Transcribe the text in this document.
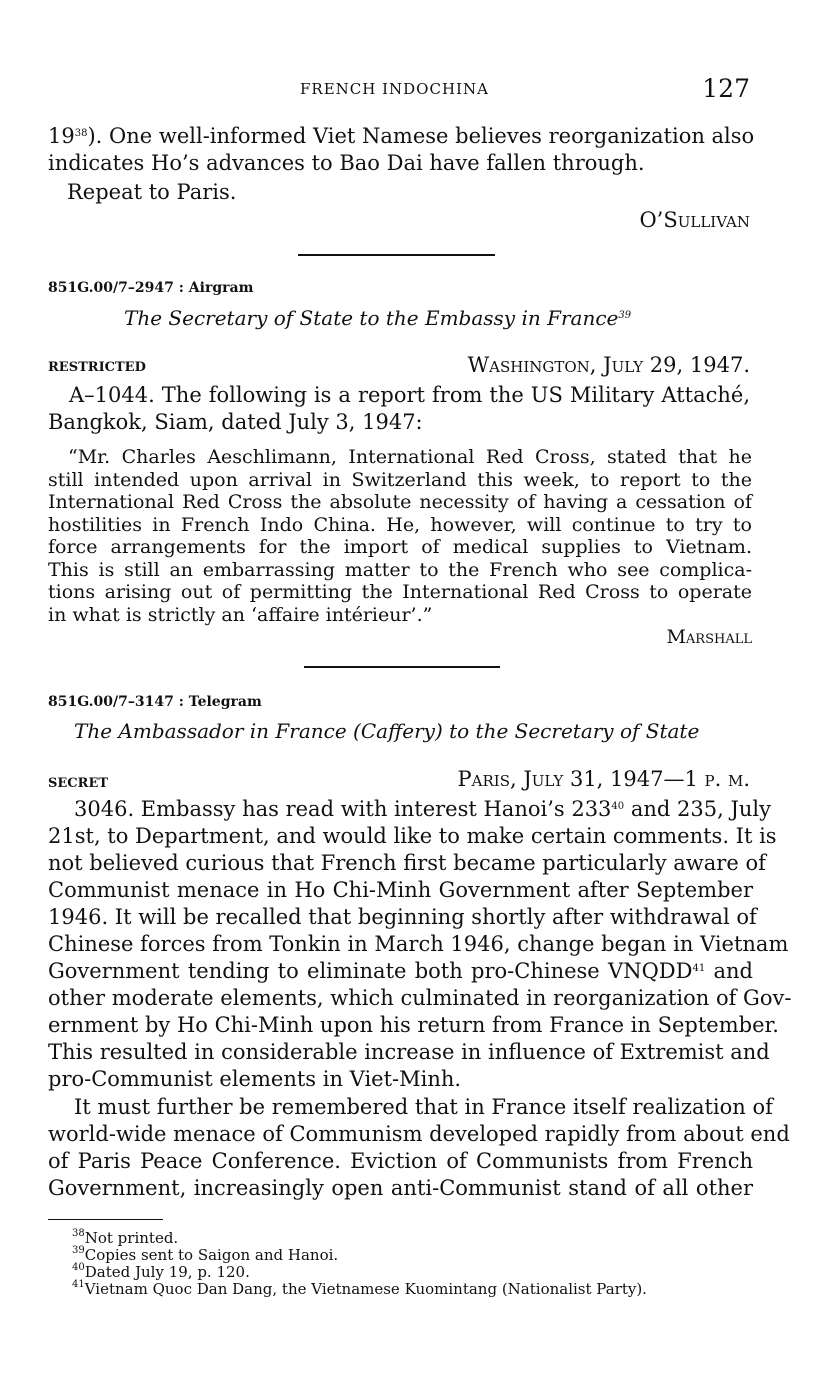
FRENCH INDOCHINA	127
$19^{38}$). One well-informed Viet Namese believes reorganization also
indicates Ho’s advances to Bao Dai have fallen through.
Repeat to Paris.
O’Sullivan
851G.00/7–2947 : Airgram
The Secretary of State to the Embassy in France$^{39}$
RESTRICTED	Washington, July 29, 1947.
A–1044. The following is a report from the US Military Attaché,
Bangkok, Siam, dated July 3, 1947:
“Mr. Charles Aeschlimann, International Red Cross, stated that he
still intended upon arrival in Switzerland this week, to report to the
International Red Cross the absolute necessity of having a cessation of
hostilities in French Indo China. He, however, will continue to try to
force arrangements for the import of medical supplies to Vietnam.
This is still an embarrassing matter to the French who see complica-
tions arising out of permitting the International Red Cross to operate
in what is strictly an ‘affaire intérieur’.”
Marshall
851G.00/7–3147 : Telegram
The Ambassador in France (Caffery) to the Secretary of State
SECRET	Paris, July 31, 1947—1 p. m.
3046. Embassy has read with interest Hanoi’s $233^{40}$ and 235, July
21st, to Department, and would like to make certain comments. It is
not believed curious that French first became particularly aware of
Communist menace in Ho Chi-Minh Government after September
1946. It will be recalled that beginning shortly after withdrawal of
Chinese forces from Tonkin in March 1946, change began in Vietnam
Government tending to eliminate both pro-Chinese VNQDD$^{41}$ and
other moderate elements, which culminated in reorganization of Gov-
ernment by Ho Chi-Minh upon his return from France in September.
This resulted in considerable increase in influence of Extremist and
pro-Communist elements in Viet-Minh.
It must further be remembered that in France itself realization of
world-wide menace of Communism developed rapidly from about end
of Paris Peace Conference. Eviction of Communists from French
Government, increasingly open anti-Communist stand of all other
$^{38}$Not printed.
$^{39}$Copies sent to Saigon and Hanoi.
$^{40}$Dated July 19, p. 120.
$^{41}$Vietnam Quoc Dan Dang, the Vietnamese Kuomintang (Nationalist Party).
